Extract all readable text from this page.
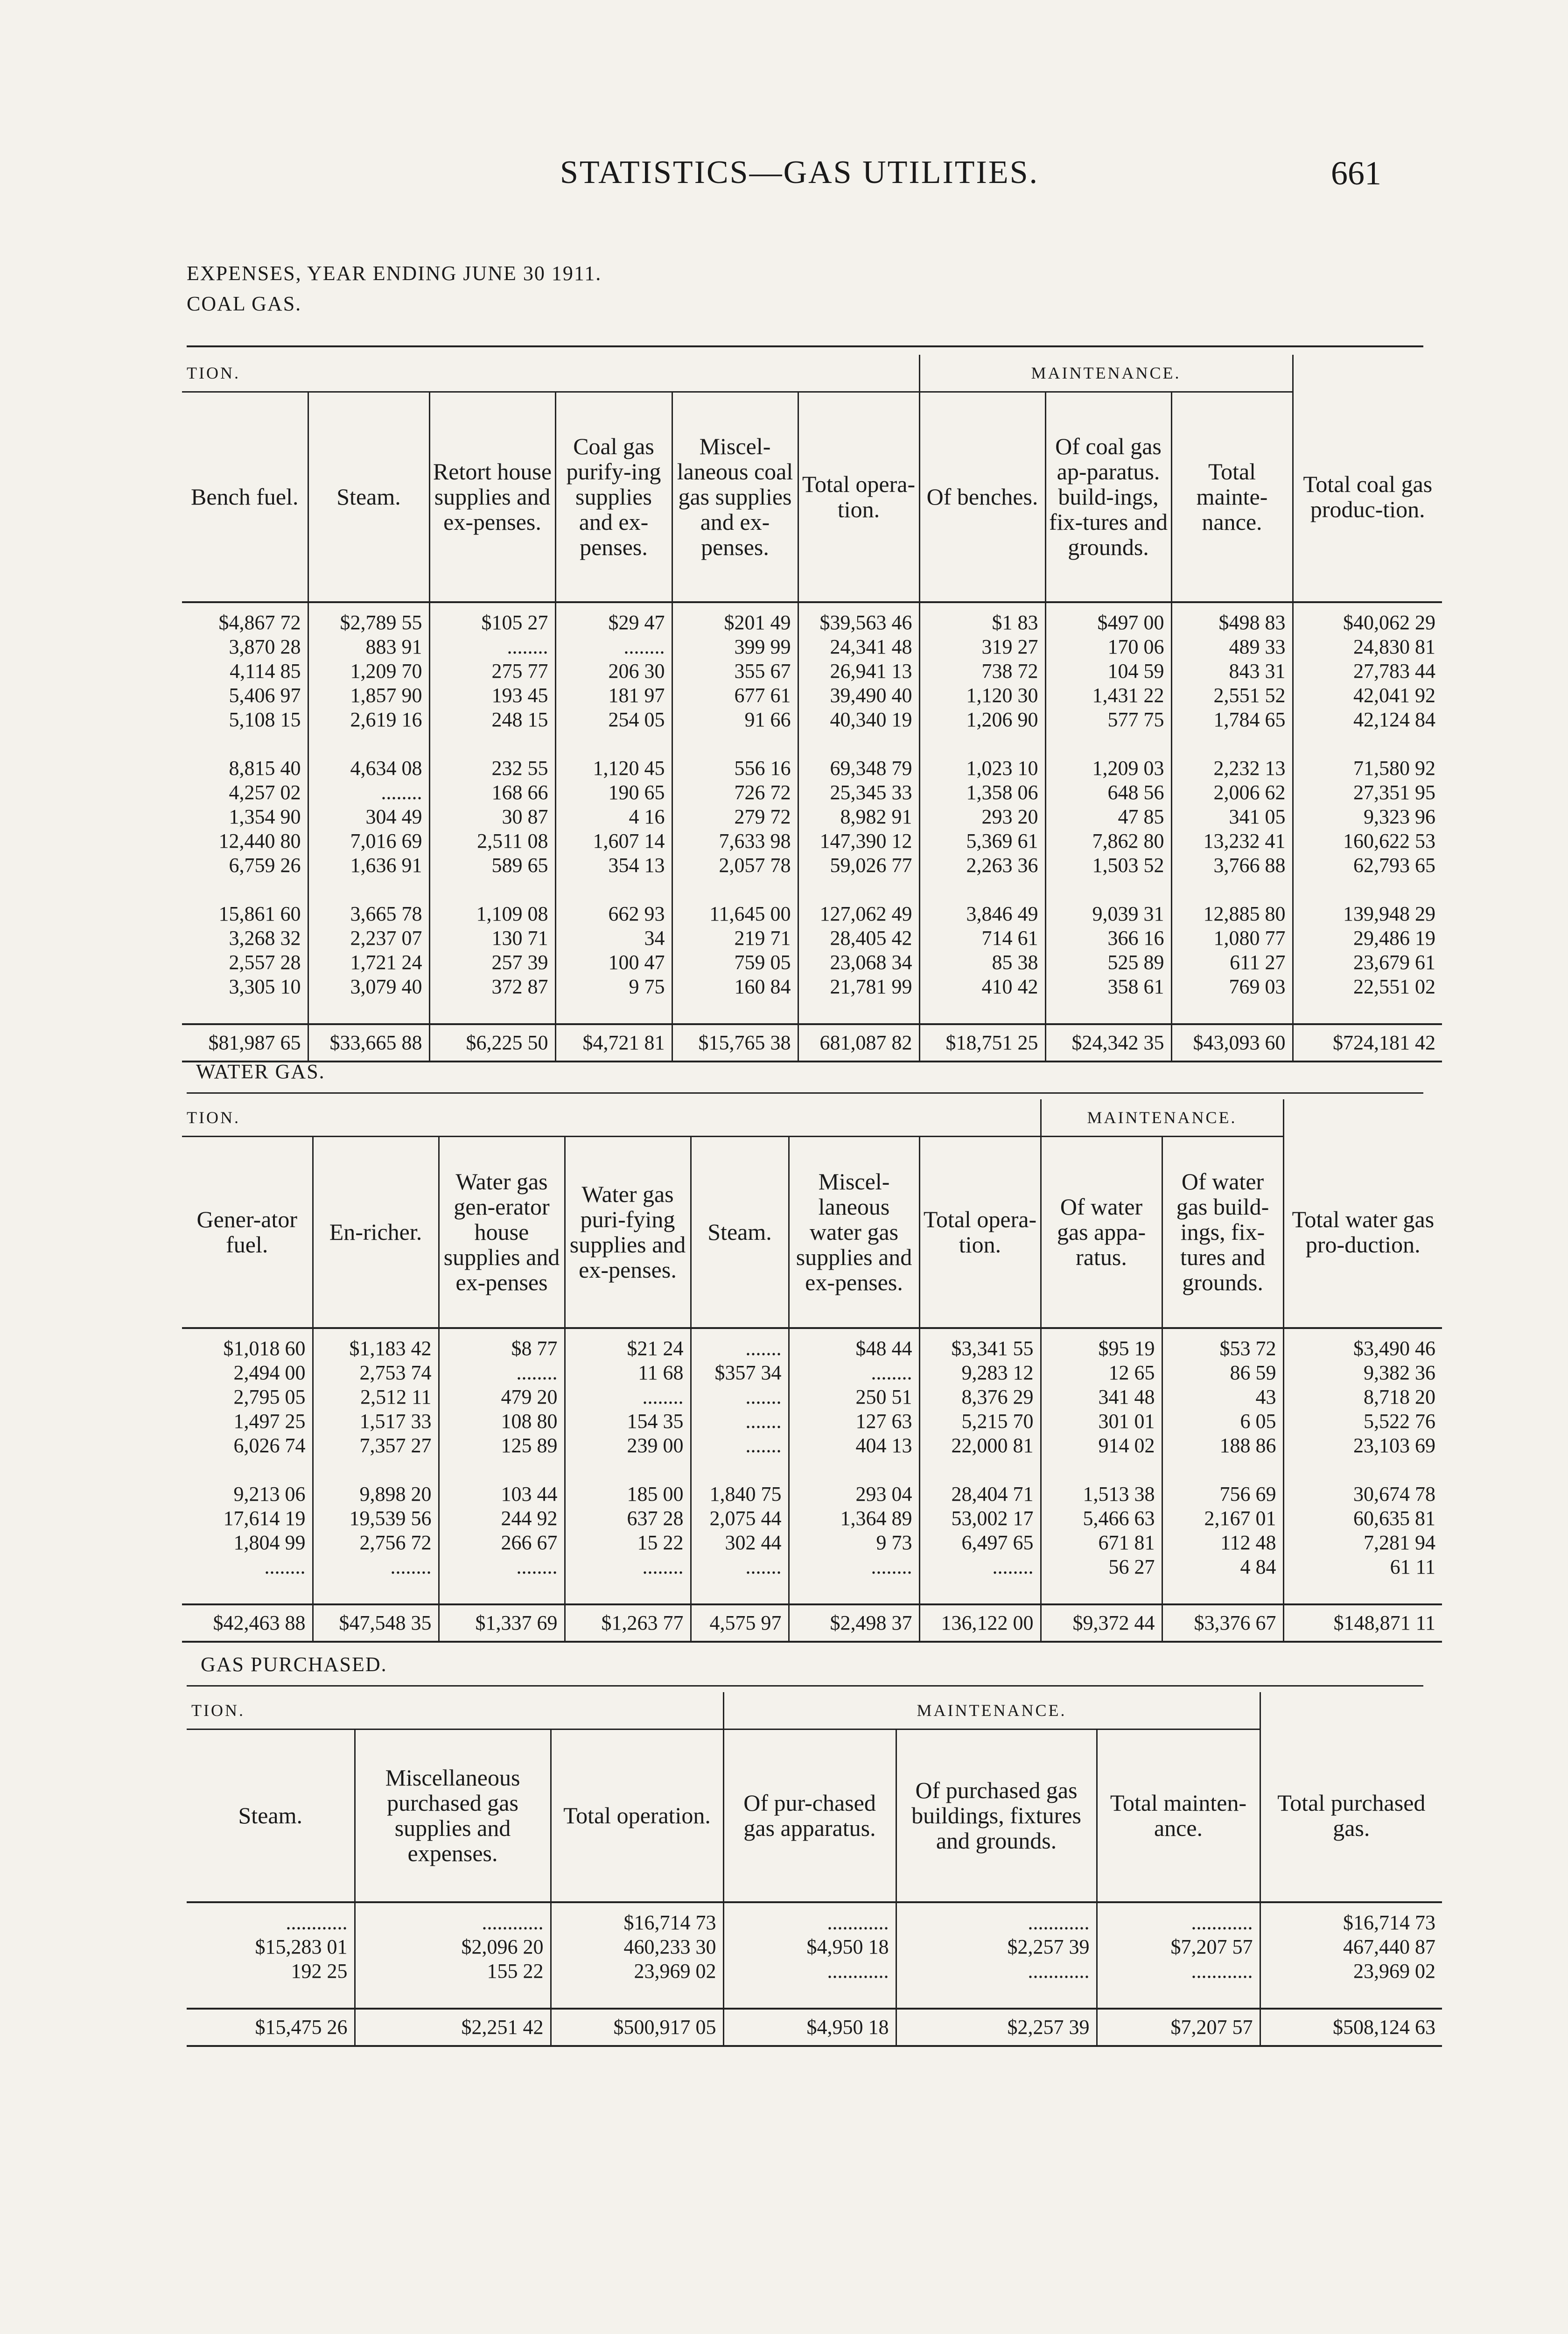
STATISTICS—GAS UTILITIES.	661
EXPENSES, YEAR ENDING JUNE 30 1911.
COAL GAS.
TION.						MAINTENANCE.			
Bench fuel.	Steam.	Retort house supplies and ex-penses.	Coal gas purify-ing supplies and ex-penses.	Miscel-laneous coal gas supplies and ex-penses.	Total opera-tion.	Of benches.	Of coal gas ap-paratus. build-ings, fix-tures and grounds.	Total mainte-nance.	Total coal gas produc-tion.
$4,867 72	$2,789 55	$105 27	$29 47	$201 49	$39,563 46	$1 83	$497 00	$498 83	$40,062 29
3,870 28	883 91	........	........	399 99	24,341 48	319 27	170 06	489 33	24,830 81
4,114 85	1,209 70	275 77	206 30	355 67	26,941 13	738 72	104 59	843 31	27,783 44
5,406 97	1,857 90	193 45	181 97	677 61	39,490 40	1,120 30	1,431 22	2,551 52	42,041 92
5,108 15	2,619 16	248 15	254 05	91 66	40,340 19	1,206 90	577 75	1,784 65	42,124 84

8,815 40	4,634 08	232 55	1,120 45	556 16	69,348 79	1,023 10	1,209 03	2,232 13	71,580 92
4,257 02	........	168 66	190 65	726 72	25,345 33	1,358 06	648 56	2,006 62	27,351 95
1,354 90	304 49	30 87	4 16	279 72	8,982 91	293 20	47 85	341 05	9,323 96
12,440 80	7,016 69	2,511 08	1,607 14	7,633 98	147,390 12	5,369 61	7,862 80	13,232 41	160,622 53
6,759 26	1,636 91	589 65	354 13	2,057 78	59,026 77	2,263 36	1,503 52	3,766 88	62,793 65

15,861 60	3,665 78	1,109 08	662 93	11,645 00	127,062 49	3,846 49	9,039 31	12,885 80	139,948 29
3,268 32	2,237 07	130 71	34	219 71	28,405 42	714 61	366 16	1,080 77	29,486 19
2,557 28	1,721 24	257 39	100 47	759 05	23,068 34	85 38	525 89	611 27	23,679 61
3,305 10	3,079 40	372 87	9 75	160 84	21,781 99	410 42	358 61	769 03	22,551 02

$81,987 65	$33,665 88	$6,225 50	$4,721 81	$15,765 38	681,087 82	$18,751 25	$24,342 35	$43,093 60	$724,181 42
WATER GAS.
TION.							MAINTENANCE.		
Gener-ator fuel.	En-richer.	Water gas gen-erator house supplies and ex-penses	Water gas puri-fying supplies and ex-penses.	Steam.	Miscel-laneous water gas supplies and ex-penses.	Total opera-tion.	Of water gas appa-ratus.	Of water gas build-ings, fix-tures and grounds.	Total water gas pro-duction.
$1,018 60	$1,183 42	$8 77	$21 24	.......	$48 44	$3,341 55	$95 19	$53 72	$3,490 46
2,494 00	2,753 74	........	11 68	$357 34	........	9,283 12	12 65	86 59	9,382 36
2,795 05	2,512 11	479 20	........	.......	250 51	8,376 29	341 48	43	8,718 20
1,497 25	1,517 33	108 80	154 35	.......	127 63	5,215 70	301 01	6 05	5,522 76
6,026 74	7,357 27	125 89	239 00	.......	404 13	22,000 81	914 02	188 86	23,103 69

9,213 06	9,898 20	103 44	185 00	1,840 75	293 04	28,404 71	1,513 38	756 69	30,674 78
17,614 19	19,539 56	244 92	637 28	2,075 44	1,364 89	53,002 17	5,466 63	2,167 01	60,635 81
1,804 99	2,756 72	266 67	15 22	302 44	9 73	6,497 65	671 81	112 48	7,281 94
........	........	........	........	.......	........	........	56 27	4 84	61 11

$42,463 88	$47,548 35	$1,337 69	$1,263 77	4,575 97	$2,498 37	136,122 00	$9,372 44	$3,376 67	$148,871 11
GAS PURCHASED.
TION.			MAINTENANCE.			
Steam.	Miscellaneous purchased gas supplies and expenses.	Total operation.	Of pur-chased gas apparatus.	Of purchased gas buildings, fixtures and grounds.	Total mainten-ance.	Total purchased gas.
............	............	$16,714 73	............	............	............	$16,714 73
$15,283 01	$2,096 20	460,233 30	$4,950 18	$2,257 39	$7,207 57	467,440 87
192 25	155 22	23,969 02	............	............	............	23,969 02

$15,475 26	$2,251 42	$500,917 05	$4,950 18	$2,257 39	$7,207 57	$508,124 63
